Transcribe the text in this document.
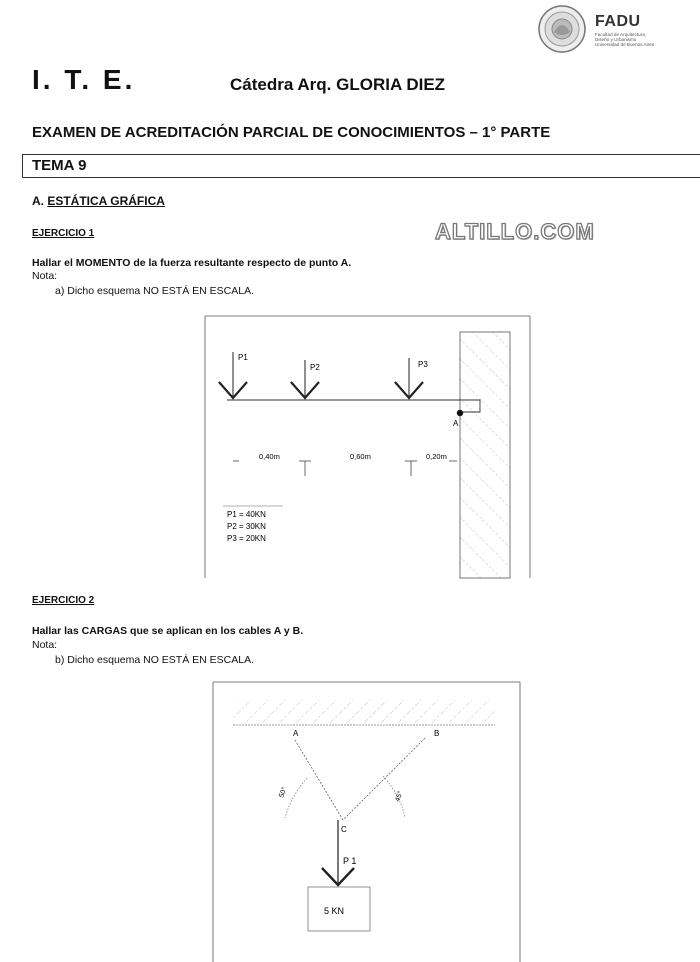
FADU
Facultad de Arquitectura,
Diseño y Urbanismo
Universidad de Buenos Aires
I. T. E.	Cátedra Arq. GLORIA DIEZ
EXAMEN DE ACREDITACIÓN PARCIAL DE CONOCIMIENTOS – 1° PARTE
TEMA 9
A. ESTÁTICA GRÁFICA
ALTILLO.COM
EJERCICIO 1
Hallar el MOMENTO de la fuerza resultante respecto de punto A.
Nota:
a) Dicho esquema NO ESTÁ EN ESCALA.
P1
P2	P3
A
0,40m	0,60m	0,20m
P1 = 40KN
P2 = 30KN
P3 = 20KN
EJERCICIO 2
Hallar las CARGAS que se aplican en los cables A y B.
Nota:
b) Dicho esquema NO ESTÁ EN ESCALA.
A	B
50°	45°
C
P 1
5 KN
